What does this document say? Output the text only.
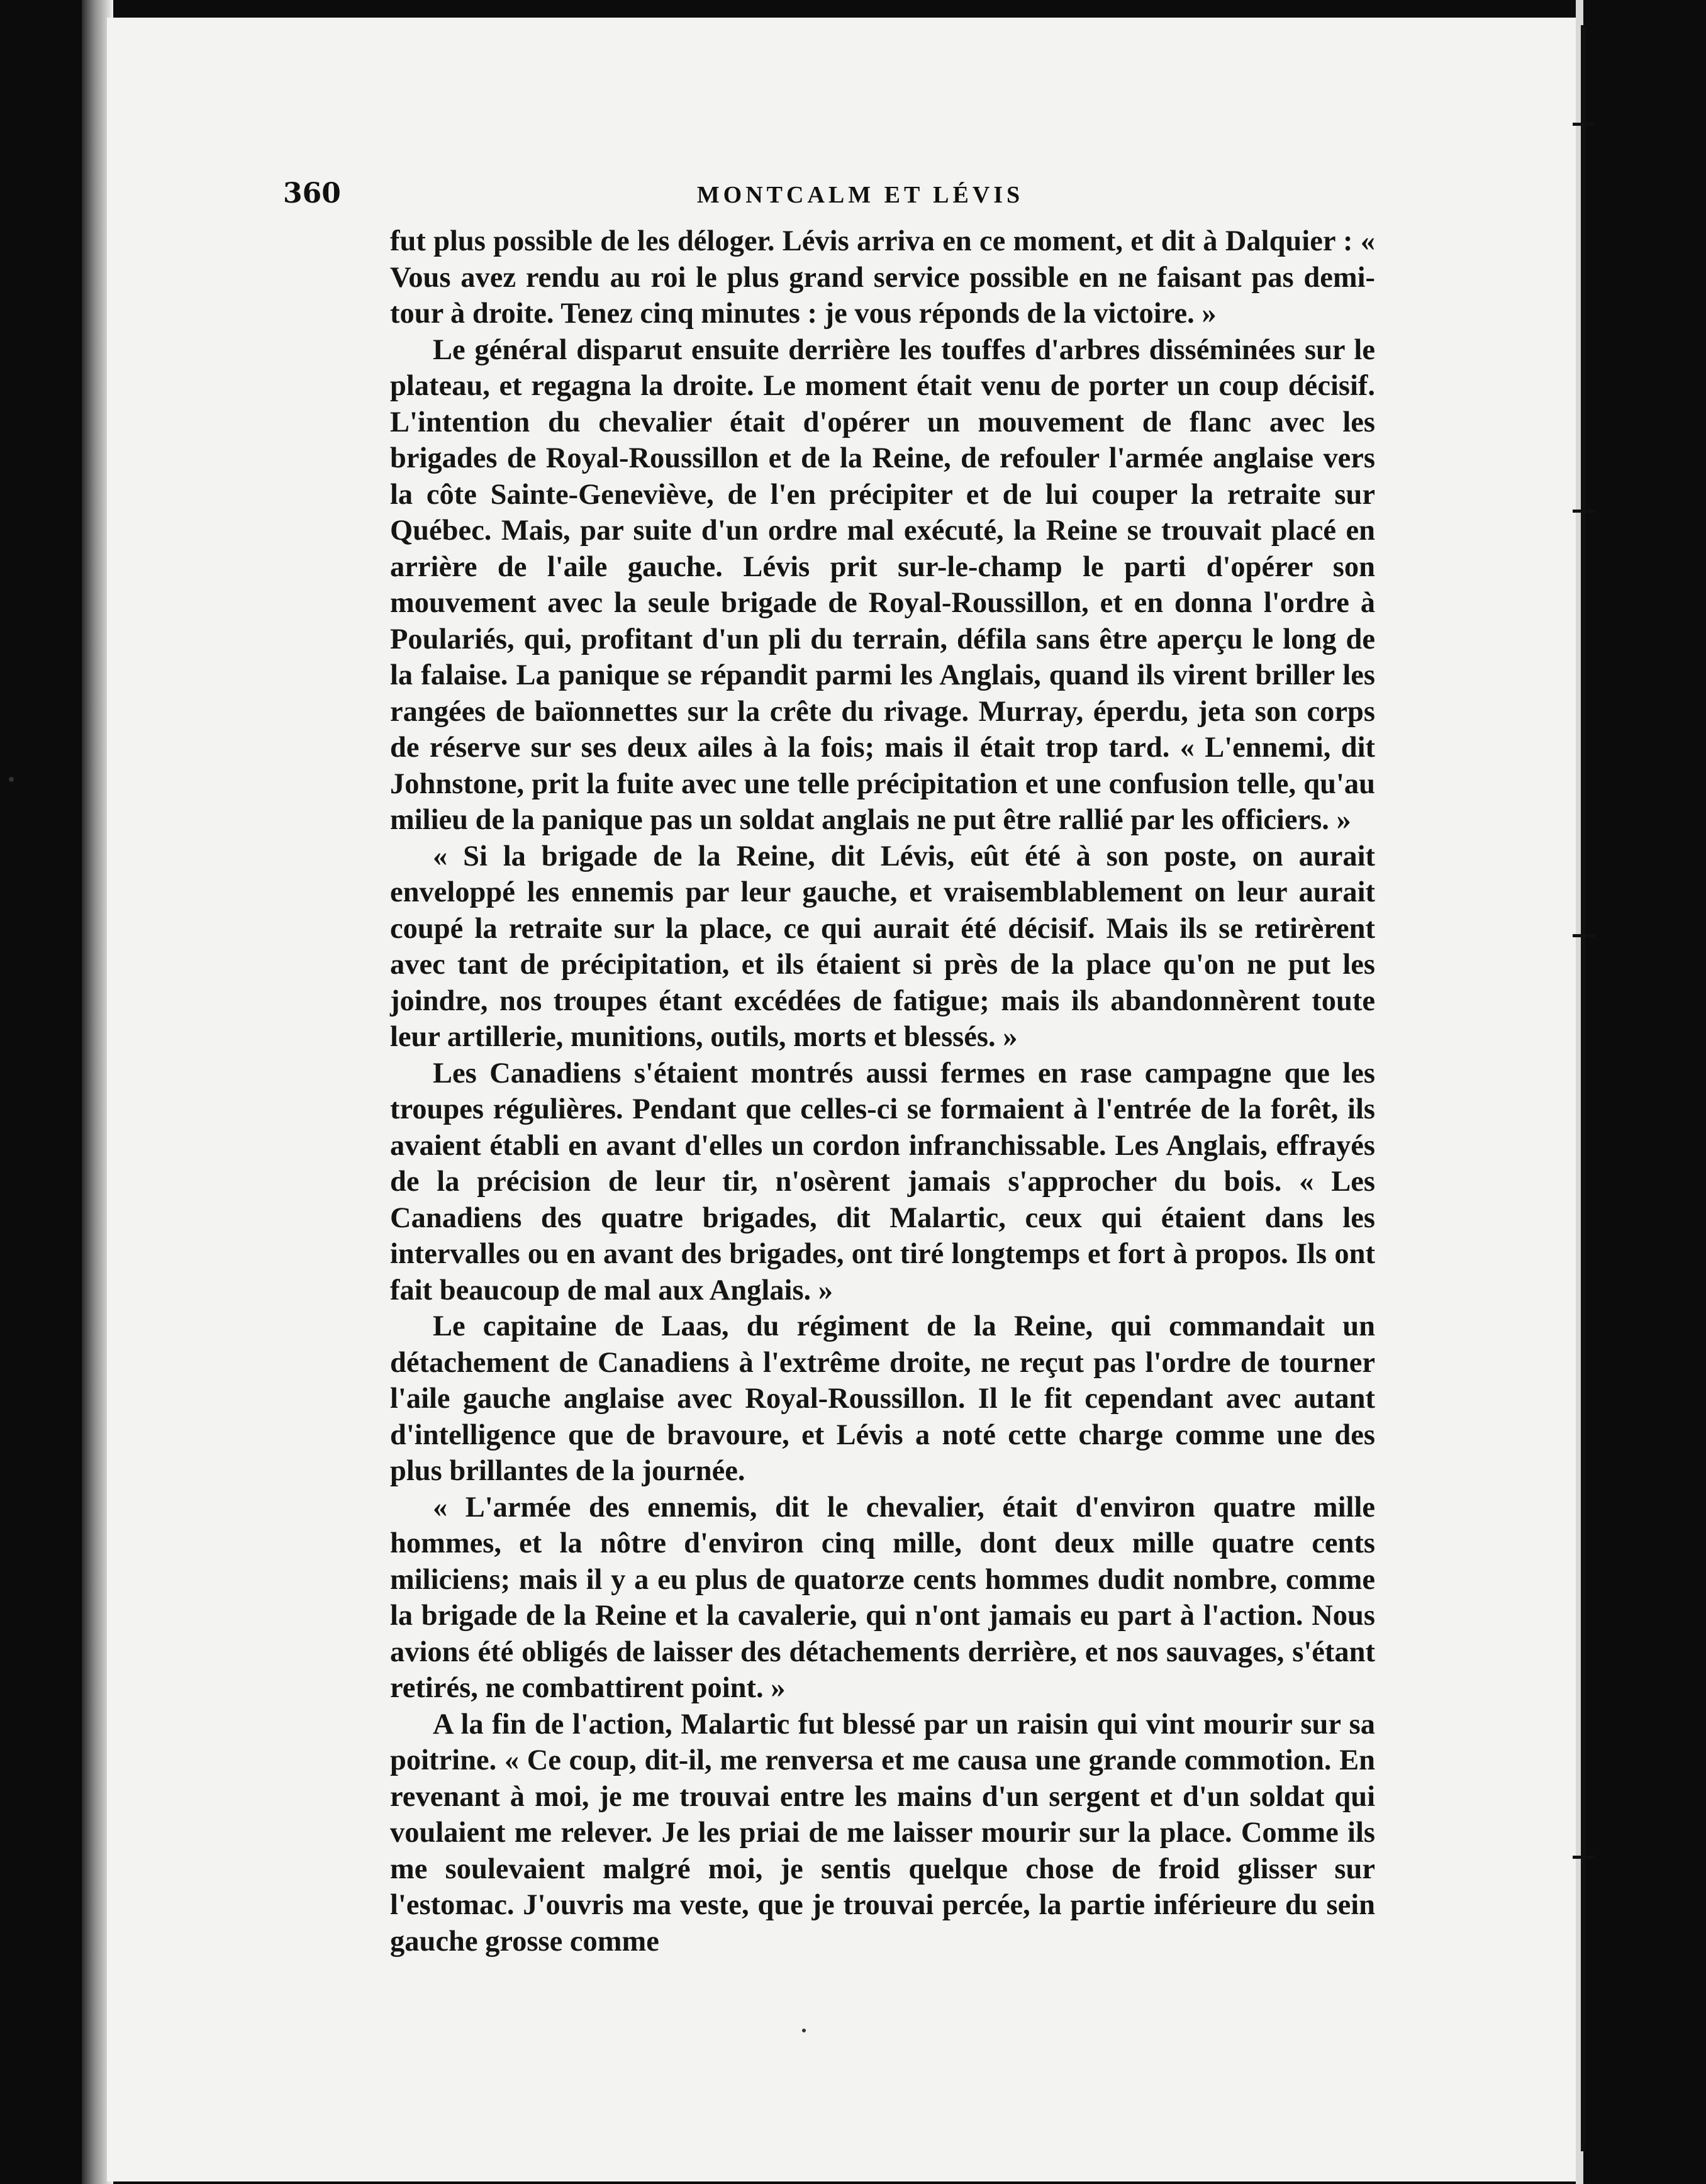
360	MONTCALM ET LÉVIS

fut plus possible de les déloger. Lévis arriva en ce moment, et dit à Dalquier : « Vous avez rendu au roi le plus grand service possible en ne faisant pas demi-tour à droite. Tenez cinq minutes : je vous réponds de la victoire. »

Le général disparut ensuite derrière les touffes d'arbres disséminées sur le plateau, et regagna la droite. Le moment était venu de porter un coup décisif. L'intention du chevalier était d'opérer un mouvement de flanc avec les brigades de Royal-Roussillon et de la Reine, de refouler l'armée anglaise vers la côte Sainte-Geneviève, de l'en précipiter et de lui couper la retraite sur Québec. Mais, par suite d'un ordre mal exécuté, la Reine se trouvait placé en arrière de l'aile gauche. Lévis prit sur-le-champ le parti d'opérer son mouvement avec la seule brigade de Royal-Roussillon, et en donna l'ordre à Poulariés, qui, profitant d'un pli du terrain, défila sans être aperçu le long de la falaise. La panique se répandit parmi les Anglais, quand ils virent briller les rangées de baïonnettes sur la crête du rivage. Murray, éperdu, jeta son corps de réserve sur ses deux ailes à la fois; mais il était trop tard. « L'ennemi, dit Johnstone, prit la fuite avec une telle précipitation et une confusion telle, qu'au milieu de la panique pas un soldat anglais ne put être rallié par les officiers. »

« Si la brigade de la Reine, dit Lévis, eût été à son poste, on aurait enveloppé les ennemis par leur gauche, et vraisemblablement on leur aurait coupé la retraite sur la place, ce qui aurait été décisif. Mais ils se retirèrent avec tant de précipitation, et ils étaient si près de la place qu'on ne put les joindre, nos troupes étant excédées de fatigue; mais ils abandonnèrent toute leur artillerie, munitions, outils, morts et blessés. »

Les Canadiens s'étaient montrés aussi fermes en rase campagne que les troupes régulières. Pendant que celles-ci se formaient à l'entrée de la forêt, ils avaient établi en avant d'elles un cordon infranchissable. Les Anglais, effrayés de la précision de leur tir, n'osèrent jamais s'approcher du bois. « Les Canadiens des quatre brigades, dit Malartic, ceux qui étaient dans les intervalles ou en avant des brigades, ont tiré longtemps et fort à propos. Ils ont fait beaucoup de mal aux Anglais. »

Le capitaine de Laas, du régiment de la Reine, qui commandait un détachement de Canadiens à l'extrême droite, ne reçut pas l'ordre de tourner l'aile gauche anglaise avec Royal-Roussillon. Il le fit cependant avec autant d'intelligence que de bravoure, et Lévis a noté cette charge comme une des plus brillantes de la journée.

« L'armée des ennemis, dit le chevalier, était d'environ quatre mille hommes, et la nôtre d'environ cinq mille, dont deux mille quatre cents miliciens; mais il y a eu plus de quatorze cents hommes dudit nombre, comme la brigade de la Reine et la cavalerie, qui n'ont jamais eu part à l'action. Nous avions été obligés de laisser des détachements derrière, et nos sauvages, s'étant retirés, ne combattirent point. »

A la fin de l'action, Malartic fut blessé par un raisin qui vint mourir sur sa poitrine. « Ce coup, dit-il, me renversa et me causa une grande commotion. En revenant à moi, je me trouvai entre les mains d'un sergent et d'un soldat qui voulaient me relever. Je les priai de me laisser mourir sur la place. Comme ils me soulevaient malgré moi, je sentis quelque chose de froid glisser sur l'estomac. J'ouvris ma veste, que je trouvai percée, la partie inférieure du sein gauche grosse comme
